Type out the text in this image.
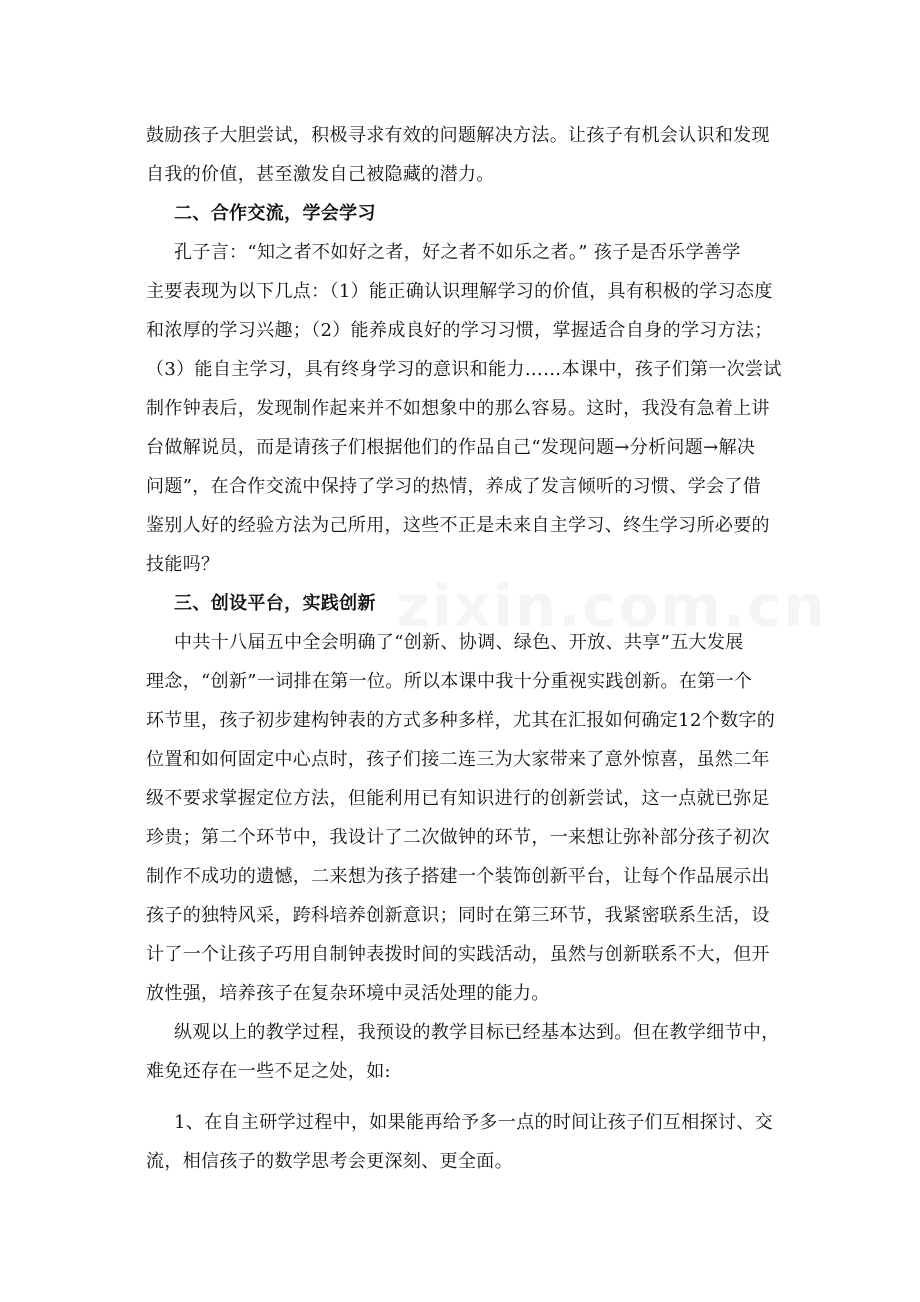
zixin.com.cn
鼓励孩子大胆尝试，积极寻求有效的问题解决方法。让孩子有机会认识和发现
自我的价值，甚至激发自己被隐藏的潜力。
二、合作交流，学会学习
孔子言：“知之者不如好之者，好之者不如乐之者。” 孩子是否乐学善学
主要表现为以下几点：（1）能正确认识理解学习的价值，具有积极的学习态度
和浓厚的学习兴趣；（2）能养成良好的学习习惯，掌握适合自身的学习方法；
（3）能自主学习，具有终身学习的意识和能力……本课中，孩子们第一次尝试
制作钟表后，发现制作起来并不如想象中的那么容易。这时，我没有急着上讲
台做解说员，而是请孩子们根据他们的作品自己“发现问题→分析问题→解决
问题”，在合作交流中保持了学习的热情，养成了发言倾听的习惯、学会了借
鉴别人好的经验方法为己所用，这些不正是未来自主学习、终生学习所必要的
技能吗？
三、创设平台，实践创新
中共十八届五中全会明确了“创新、协调、绿色、开放、共享”五大发展
理念，“创新”一词排在第一位。所以本课中我十分重视实践创新。在第一个
环节里，孩子初步建构钟表的方式多种多样，尤其在汇报如何确定12个数字的
位置和如何固定中心点时，孩子们接二连三为大家带来了意外惊喜，虽然二年
级不要求掌握定位方法，但能利用已有知识进行的创新尝试，这一点就已弥足
珍贵；第二个环节中，我设计了二次做钟的环节，一来想让弥补部分孩子初次
制作不成功的遗憾，二来想为孩子搭建一个装饰创新平台，让每个作品展示出
孩子的独特风采，跨科培养创新意识；同时在第三环节，我紧密联系生活，设
计了一个让孩子巧用自制钟表拨时间的实践活动，虽然与创新联系不大，但开
放性强，培养孩子在复杂环境中灵活处理的能力。
纵观以上的教学过程，我预设的教学目标已经基本达到。但在教学细节中，
难免还存在一些不足之处，如:
1、在自主研学过程中，如果能再给予多一点的时间让孩子们互相探讨、交
流，相信孩子的数学思考会更深刻、更全面。
